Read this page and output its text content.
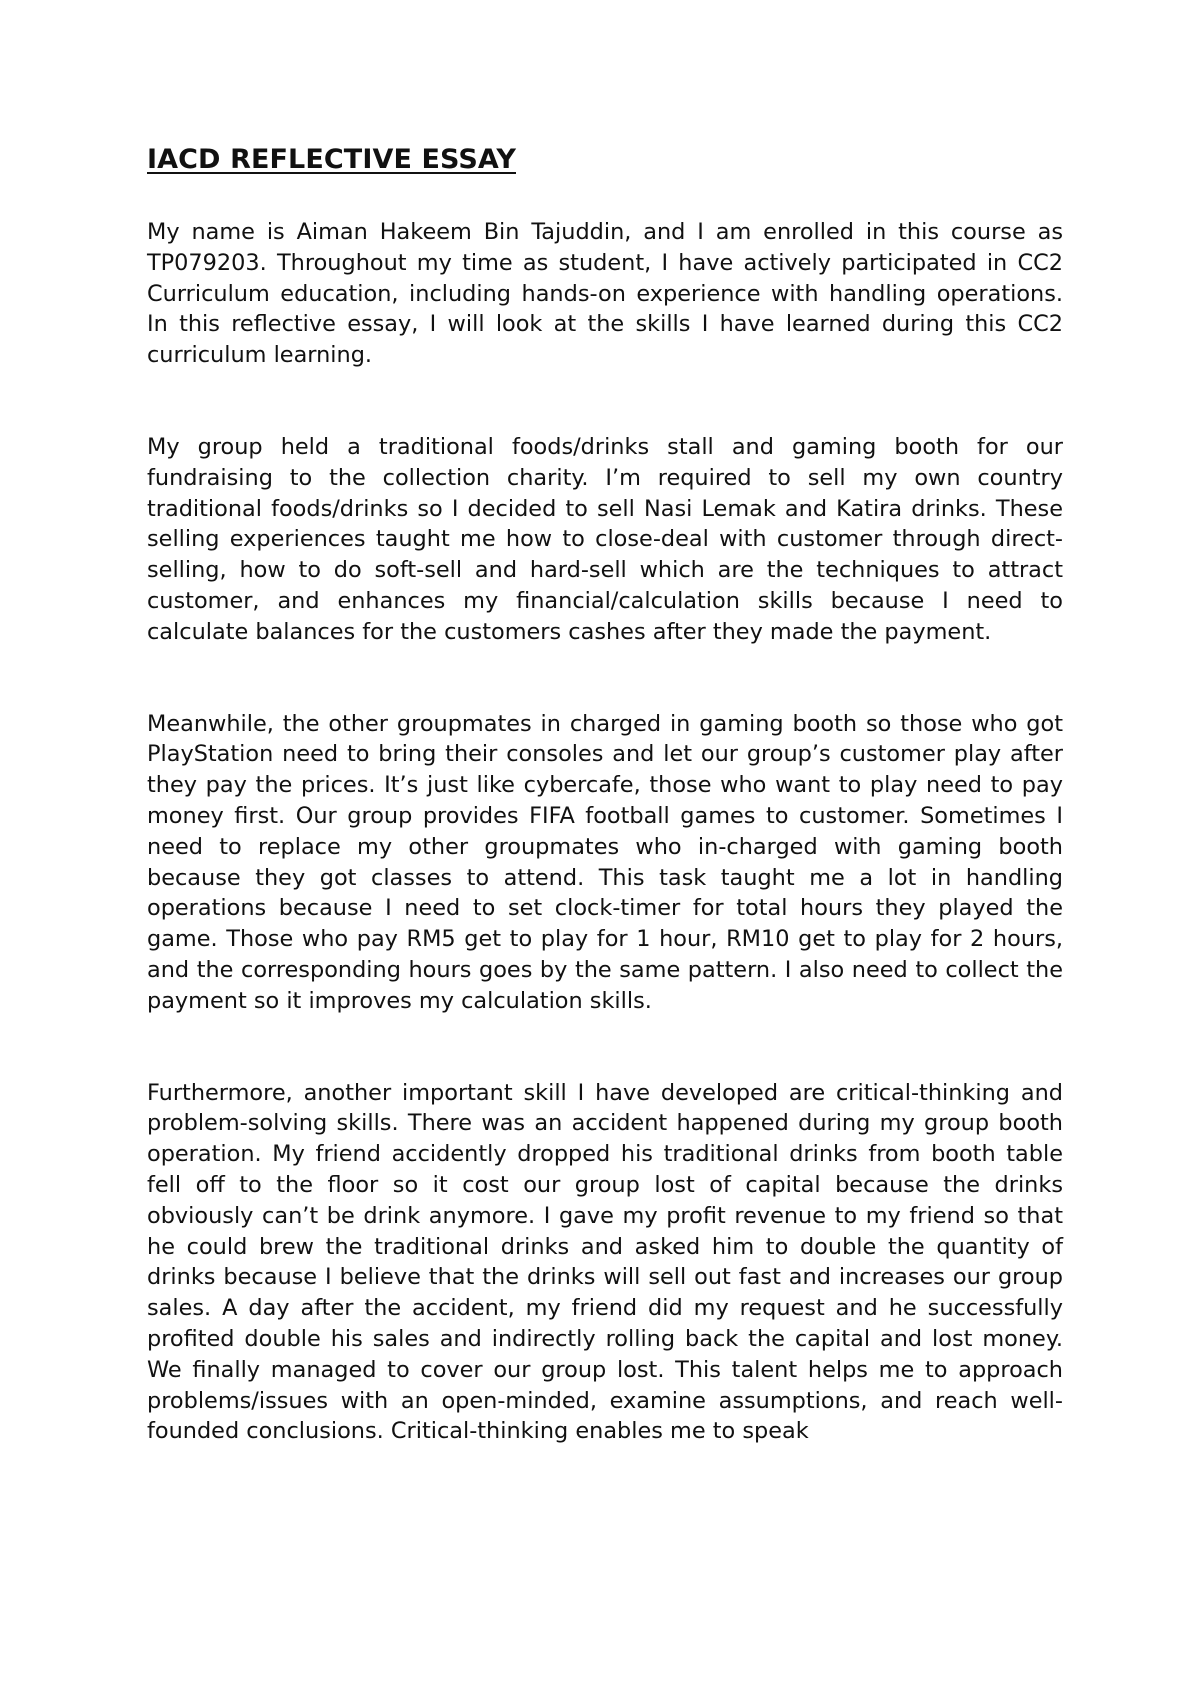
IACD REFLECTIVE ESSAY

My name is Aiman Hakeem Bin Tajuddin, and I am enrolled in this course as TP079203. Throughout my time as student, I have actively participated in CC2 Curriculum education, including hands-on experience with handling operations. In this reflective essay, I will look at the skills I have learned during this CC2 curriculum learning.

My group held a traditional foods/drinks stall and gaming booth for our fundraising to the collection charity. I’m required to sell my own country traditional foods/drinks so I decided to sell Nasi Lemak and Katira drinks. These selling experiences taught me how to close-deal with customer through direct-selling, how to do soft-sell and hard-sell which are the techniques to attract customer, and enhances my financial/calculation skills because I need to calculate balances for the customers cashes after they made the payment.

Meanwhile, the other groupmates in charged in gaming booth so those who got PlayStation need to bring their consoles and let our group’s customer play after they pay the prices. It’s just like cybercafe, those who want to play need to pay money first. Our group provides FIFA football games to customer. Sometimes I need to replace my other groupmates who in-charged with gaming booth because they got classes to attend. This task taught me a lot in handling operations because I need to set clock-timer for total hours they played the game. Those who pay RM5 get to play for 1 hour, RM10 get to play for 2 hours, and the corresponding hours goes by the same pattern. I also need to collect the payment so it improves my calculation skills.

Furthermore, another important skill I have developed are critical-thinking and problem-solving skills. There was an accident happened during my group booth operation. My friend accidently dropped his traditional drinks from booth table fell off to the floor so it cost our group lost of capital because the drinks obviously can’t be drink anymore. I gave my profit revenue to my friend so that he could brew the traditional drinks and asked him to double the quantity of drinks because I believe that the drinks will sell out fast and increases our group sales. A day after the accident, my friend did my request and he successfully profited double his sales and indirectly rolling back the capital and lost money. We finally managed to cover our group lost. This talent helps me to approach problems/issues with an open-minded, examine assumptions, and reach well-founded conclusions. Critical-thinking enables me to speak
